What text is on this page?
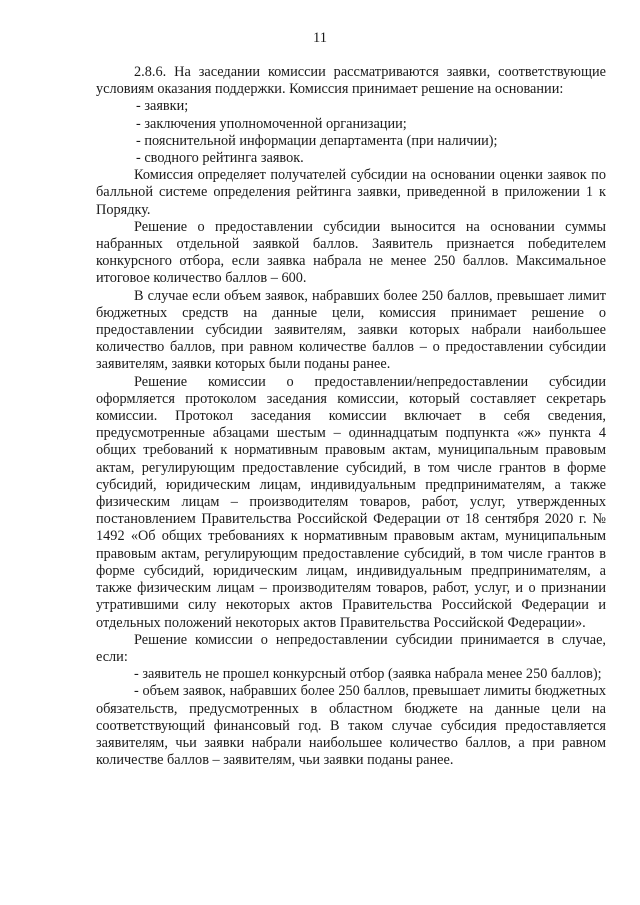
11

2.8.6. На заседании комиссии рассматриваются заявки, соответствующие условиям оказания поддержки. Комиссия принимает решение на основании:

- заявки;

- заключения уполномоченной организации;

- пояснительной информации департамента (при наличии);

- сводного рейтинга заявок.

Комиссия определяет получателей субсидии на основании оценки заявок по балльной системе определения рейтинга заявки, приведенной в приложении 1 к Порядку.

Решение о предоставлении субсидии выносится на основании суммы набранных отдельной заявкой баллов. Заявитель признается победителем конкурсного отбора, если заявка набрала не менее 250 баллов. Максимальное итоговое количество баллов – 600.

В случае если объем заявок, набравших более 250 баллов, превышает лимит бюджетных средств на данные цели, комиссия принимает решение о предоставлении субсидии заявителям, заявки которых набрали наибольшее количество баллов, при равном количестве баллов – о предоставлении субсидии заявителям, заявки которых были поданы ранее.

Решение комиссии о предоставлении/непредоставлении субсидии оформляется протоколом заседания комиссии, который составляет секретарь комиссии. Протокол заседания комиссии включает в себя сведения, предусмотренные абзацами шестым – одиннадцатым подпункта «ж» пункта 4 общих требований к нормативным правовым актам, муниципальным правовым актам, регулирующим предоставление субсидий, в том числе грантов в форме субсидий, юридическим лицам, индивидуальным предпринимателям, а также физическим лицам – производителям товаров, работ, услуг, утвержденных постановлением Правительства Российской Федерации от 18 сентября 2020 г. № 1492 «Об общих требованиях к нормативным правовым актам, муниципальным правовым актам, регулирующим предоставление субсидий, в том числе грантов в форме субсидий, юридическим лицам, индивидуальным предпринимателям, а также физическим лицам – производителям товаров, работ, услуг, и о признании утратившими силу некоторых актов Правительства Российской Федерации и отдельных положений некоторых актов Правительства Российской Федерации».

Решение комиссии о непредоставлении субсидии принимается в случае, если:

- заявитель не прошел конкурсный отбор (заявка набрала менее 250 баллов);

- объем заявок, набравших более 250 баллов, превышает лимиты бюджетных обязательств, предусмотренных в областном бюджете на данные цели на соответствующий финансовый год. В таком случае субсидия предоставляется заявителям, чьи заявки набрали наибольшее количество баллов, а при равном количестве баллов – заявителям, чьи заявки поданы ранее.
